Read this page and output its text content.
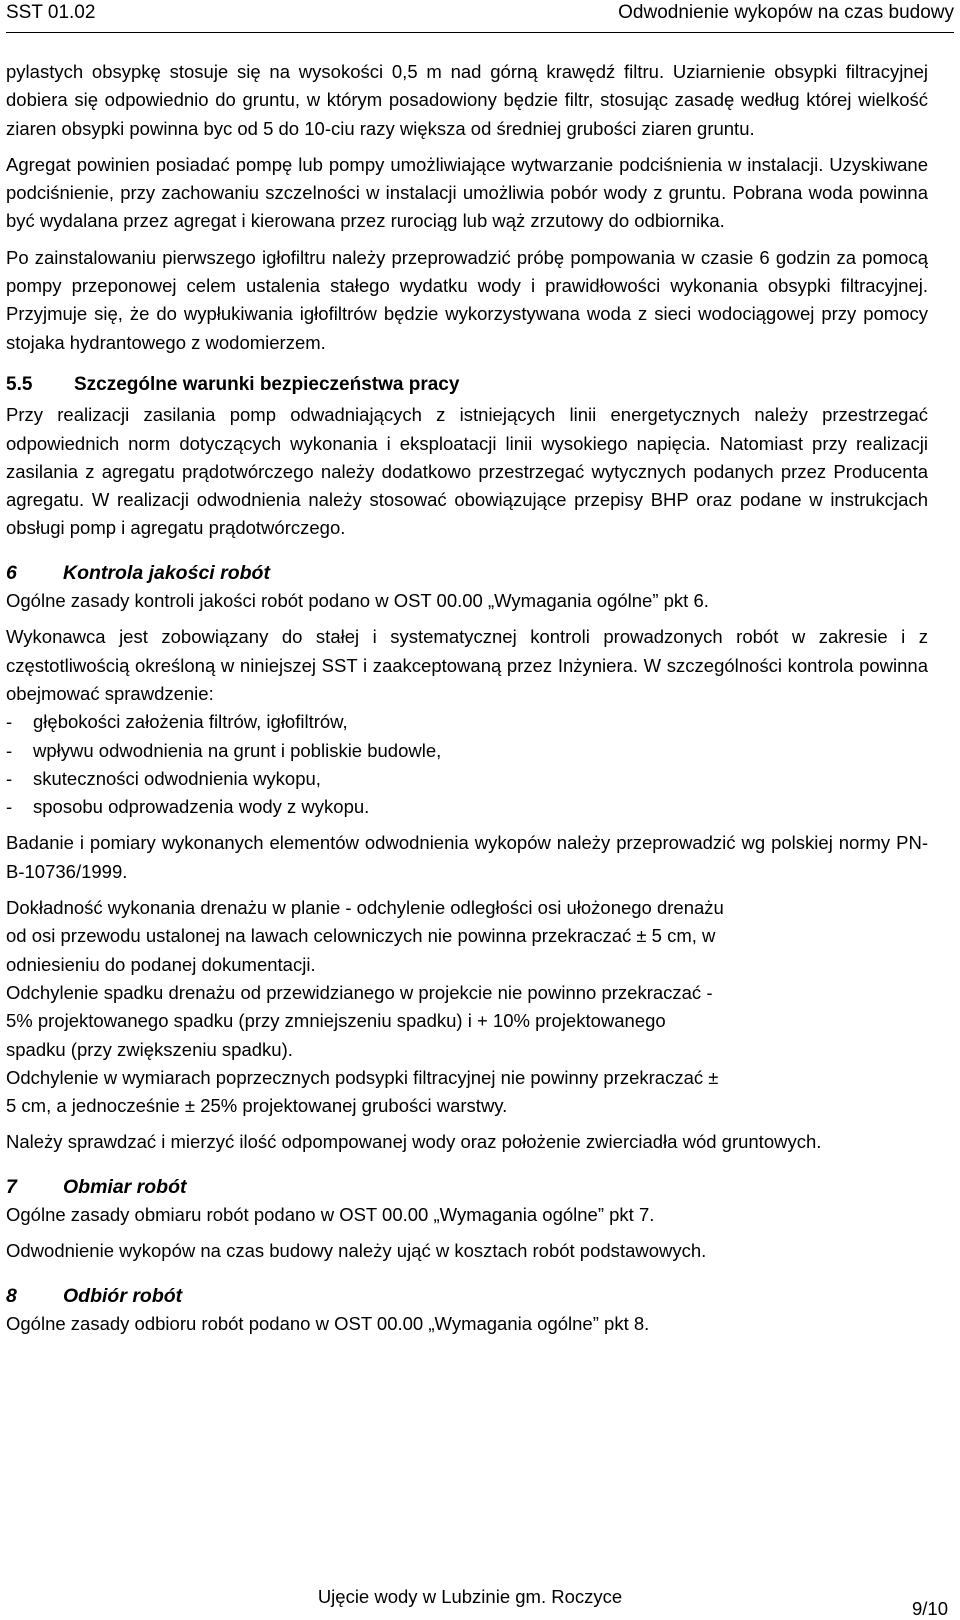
SST 01.02	Odwodnienie wykopów na czas budowy

pylastych obsypkę stosuje się na wysokości 0,5 m nad górną krawędź filtru. Uziarnienie obsypki filtracyjnej dobiera się odpowiednio do gruntu, w którym posadowiony będzie filtr, stosując zasadę według której wielkość ziaren obsypki powinna byc od 5 do 10-ciu razy większa od średniej grubości ziaren gruntu.

Agregat powinien posiadać pompę lub pompy umożliwiające wytwarzanie podciśnienia w instalacji. Uzyskiwane podciśnienie, przy zachowaniu szczelności w instalacji umożliwia pobór wody z gruntu. Pobrana woda powinna być wydalana przez agregat i kierowana przez rurociąg lub wąż zrzutowy do odbiornika.

Po zainstalowaniu pierwszego igłofiltru należy przeprowadzić próbę pompowania w czasie 6 godzin za pomocą pompy przeponowej celem ustalenia stałego wydatku wody i prawidłowości wykonania obsypki filtracyjnej. Przyjmuje się, że do wypłukiwania igłofiltrów będzie wykorzystywana woda z sieci wodociągowej przy pomocy stojaka hydrantowego z wodomierzem.

5.5	Szczególne warunki bezpieczeństwa pracy

Przy realizacji zasilania pomp odwadniających z istniejących linii energetycznych należy przestrzegać odpowiednich norm dotyczących wykonania i eksploatacji linii wysokiego napięcia. Natomiast przy realizacji zasilania z agregatu prądotwórczego należy dodatkowo przestrzegać wytycznych podanych przez Producenta agregatu. W realizacji odwodnienia należy stosować obowiązujące przepisy BHP oraz podane w instrukcjach obsługi pomp i agregatu prądotwórczego.

6	Kontrola jakości robót

Ogólne zasady kontroli jakości robót podano w OST 00.00 „Wymagania ogólne” pkt 6.

Wykonawca jest zobowiązany do stałej i systematycznej kontroli prowadzonych robót w zakresie i z częstotliwością określoną w niniejszej SST i zaakceptowaną przez Inżyniera. W szczególności kontrola powinna obejmować sprawdzenie:

-	głębokości założenia filtrów, igłofiltrów,
-	wpływu odwodnienia na grunt i pobliskie budowle,
-	skuteczności odwodnienia wykopu,
-	sposobu odprowadzenia wody z wykopu.

Badanie i pomiary wykonanych elementów odwodnienia wykopów należy przeprowadzić wg polskiej normy PN-B-10736/1999.

Dokładność wykonania drenażu w planie - odchylenie odległości osi ułożonego drenażu
od osi przewodu ustalonej na lawach celowniczych nie powinna przekraczać ± 5 cm, w
odniesieniu do podanej dokumentacji.
Odchylenie spadku drenażu od przewidzianego w projekcie nie powinno przekraczać -
5% projektowanego spadku (przy zmniejszeniu spadku) i + 10% projektowanego
spadku (przy zwiększeniu spadku).
Odchylenie w wymiarach poprzecznych podsypki filtracyjnej nie powinny przekraczać ±
5 cm, a jednocześnie ± 25% projektowanej grubości warstwy.

Należy sprawdzać i mierzyć ilość odpompowanej wody oraz położenie zwierciadła wód gruntowych.

7	Obmiar robót

Ogólne zasady obmiaru robót podano w OST 00.00 „Wymagania ogólne” pkt 7.

Odwodnienie wykopów na czas budowy należy ująć w kosztach robót podstawowych.

8	Odbiór robót

Ogólne zasady odbioru robót podano w OST 00.00 „Wymagania ogólne” pkt 8.

Ujęcie wody w Lubzinie gm. Roczyce
9/10
